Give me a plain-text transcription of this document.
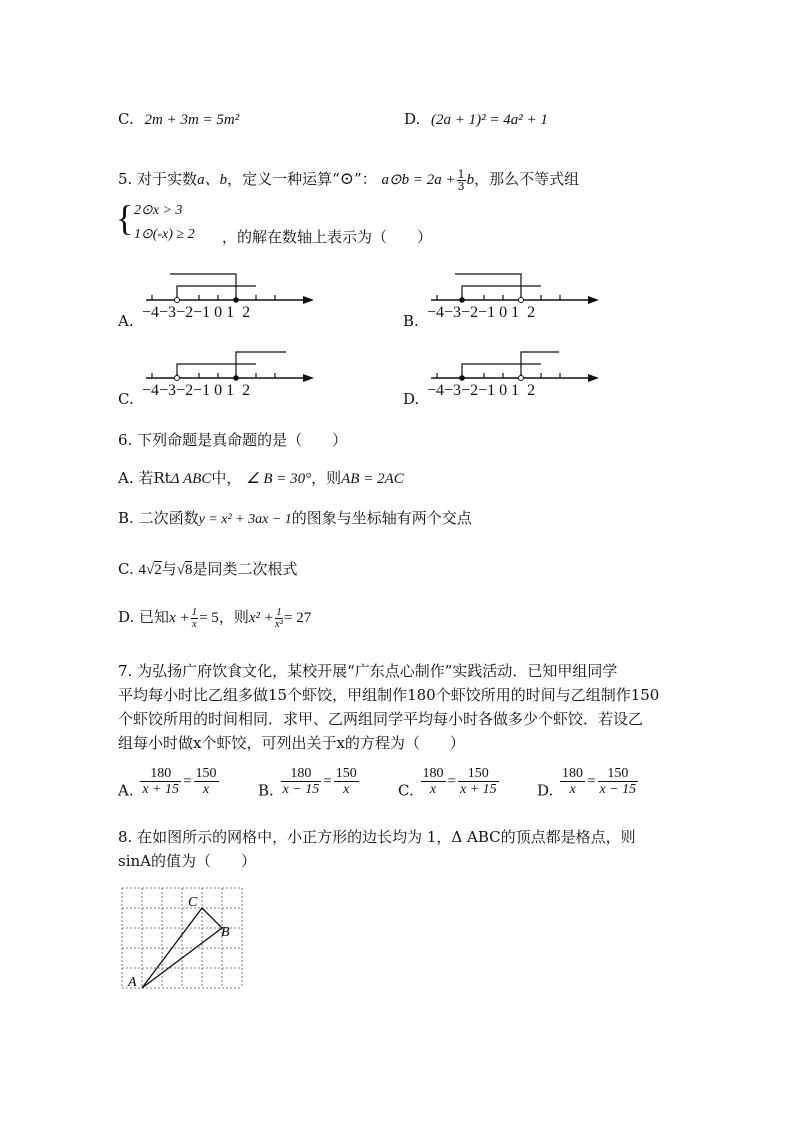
C. 2m + 3m = 5m²	D. (2a + 1)² = 4a² + 1
5. 对于实数a、b，定义一种运算“⊙”： a⊙b = $2a + \frac{1}{3}$ b，那么不等式组
{ 2⊙x > 3
1⊙(-x) ≥ 2 ，的解在数轴上表示为（　　）
A. −4−3−2−1 0 1 2	B. −4−3−2−1 0 1 2
C. −4−3−2−1 0 1 2	D. −4−3−2−1 0 1 2
6. 下列命题是真命题的是（　　）
A. 若RtΔ ABC中， ∠ B = 30°，则AB = 2AC
B. 二次函数y = x² + 3ax − 1的图象与坐标轴有两个交点
C. 4√2与√8是同类二次根式
D. 已知$x + \frac{1}{x} = 5$，则$x^2 + \frac{1}{\text{x²}} = 27$
7. 为弘扬广府饮食文化，某校开展“广东点心制作”实践活动．已知甲组同学
平均每小时比乙组多做15个虾饺，甲组制作180个虾饺所用的时间与乙组制作150
个虾饺所用的时间相同．求甲、乙两组同学平均每小时各做多少个虾饺．若设乙
组每小时做x个虾饺，可列出关于x的方程为（　　）
A. $\frac{180}{x + 15} = \frac{150}{x}$	B. $\frac{180}{x - 15} = \frac{150}{x}$	C. $\frac{180}{x} = \frac{150}{x + 15}$	D. $\frac{180}{x} = \frac{150}{x - 15}$
8. 在如图所示的网格中，小正方形的边长均为 1，Δ ABC的顶点都是格点，则
sinA的值为（　　）
A
C
B
